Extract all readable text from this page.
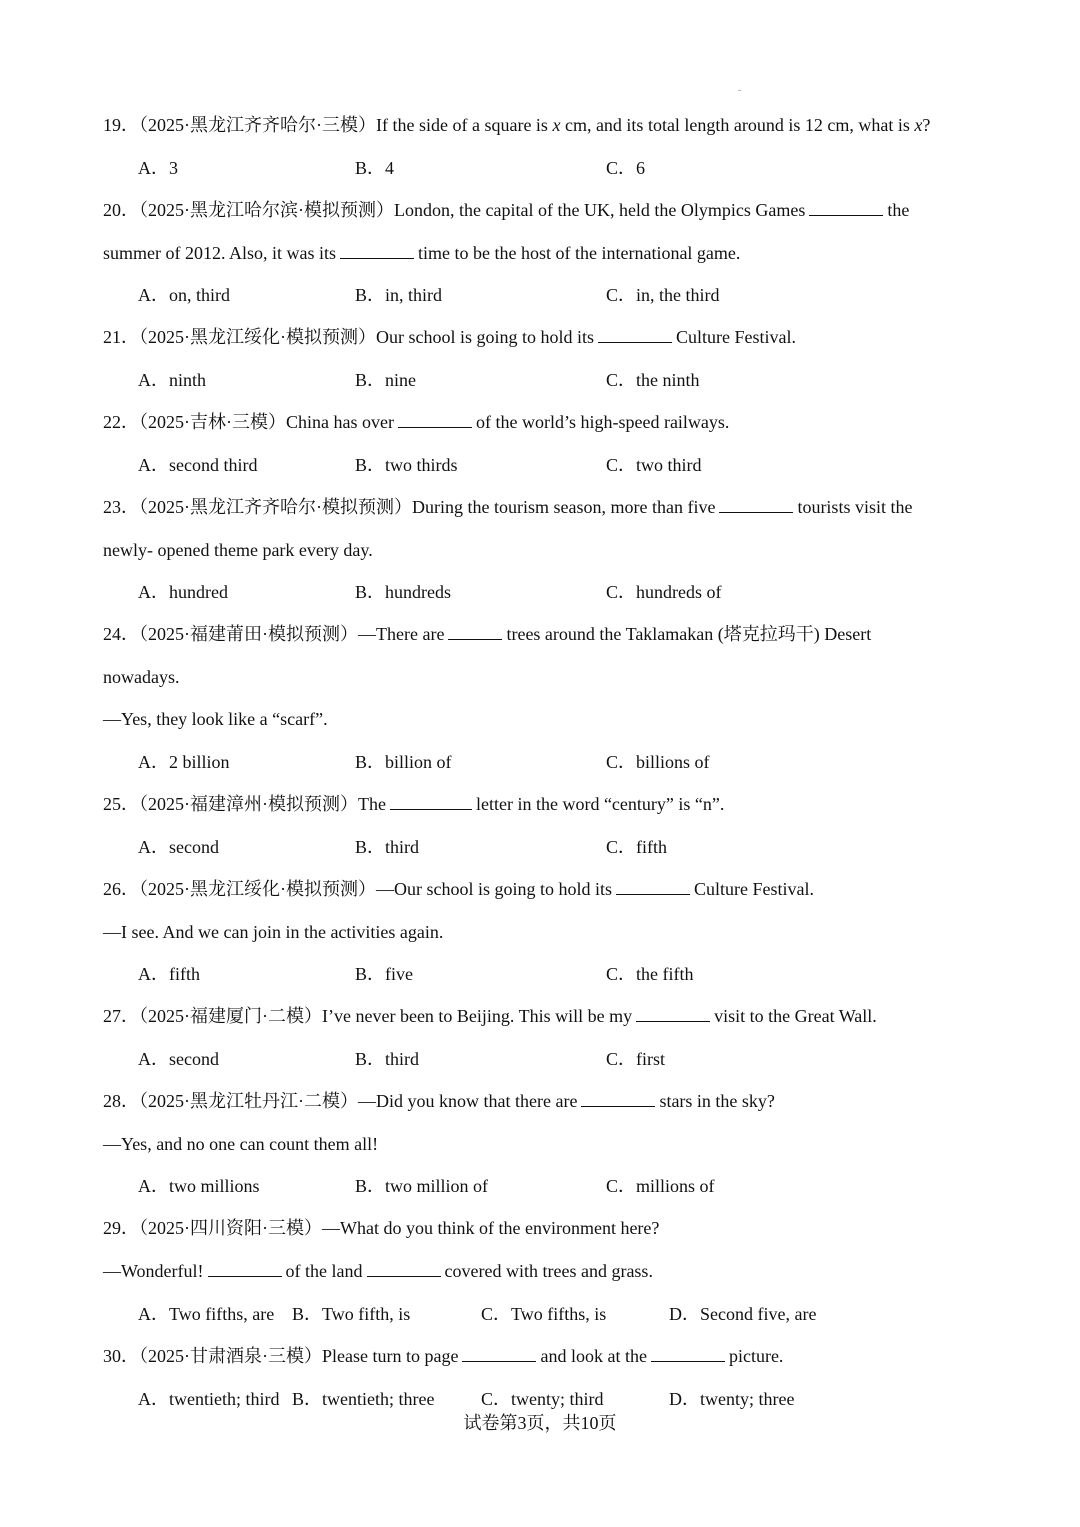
19．（2025·黑龙江齐齐哈尔·三模）If the side of a square is x cm, and its total length around is 12 cm, what is x?
A．3	B．4	C．6
20．（2025·黑龙江哈尔滨·模拟预测）London, the capital of the UK, held the Olympics Games	the
summer of 2012. Also, it was its	time to be the host of the international game.
A．on, third	B．in, third	C．in, the third
21．（2025·黑龙江绥化·模拟预测）Our school is going to hold its	Culture Festival.
A．ninth	B．nine	C．the ninth
22．（2025·吉林·三模）China has over	of the world’s high-speed railways.
A．second third	B．two thirds	C．two third
23．（2025·黑龙江齐齐哈尔·模拟预测）During the tourism season, more than five	tourists visit the
newly- opened theme park every day.
A．hundred	B．hundreds	C．hundreds of
24．（2025·福建莆田·模拟预测）—There are	trees around the Taklamakan (塔克拉玛干) Desert
nowadays.
—Yes, they look like a “scarf”.
A．2 billion	B．billion of	C．billions of
25．（2025·福建漳州·模拟预测）The	letter in the word “century” is “n”.
A．second	B．third	C．fifth
26．（2025·黑龙江绥化·模拟预测）—Our school is going to hold its	Culture Festival.
—I see. And we can join in the activities again.
A．fifth	B．five	C．the fifth
27．（2025·福建厦门·二模）I’ve never been to Beijing. This will be my	visit to the Great Wall.
A．second	B．third	C．first
28．（2025·黑龙江牡丹江·二模）—Did you know that there are	stars in the sky?
—Yes, and no one can count them all!
A．two millions	B．two million of	C．millions of
29．（2025·四川资阳·三模）—What do you think of the environment here?
—Wonderful!	of the land	covered with trees and grass.
A．Two fifths, are B．Two fifth, is	C．Two fifths, is	D．Second five, are
30．（2025·甘肃酒泉·三模）Please turn to page	and look at the	picture.
A．twentieth; third B．twentieth; three	C．twenty; third	D．twenty; three
试卷第3页，共10页
